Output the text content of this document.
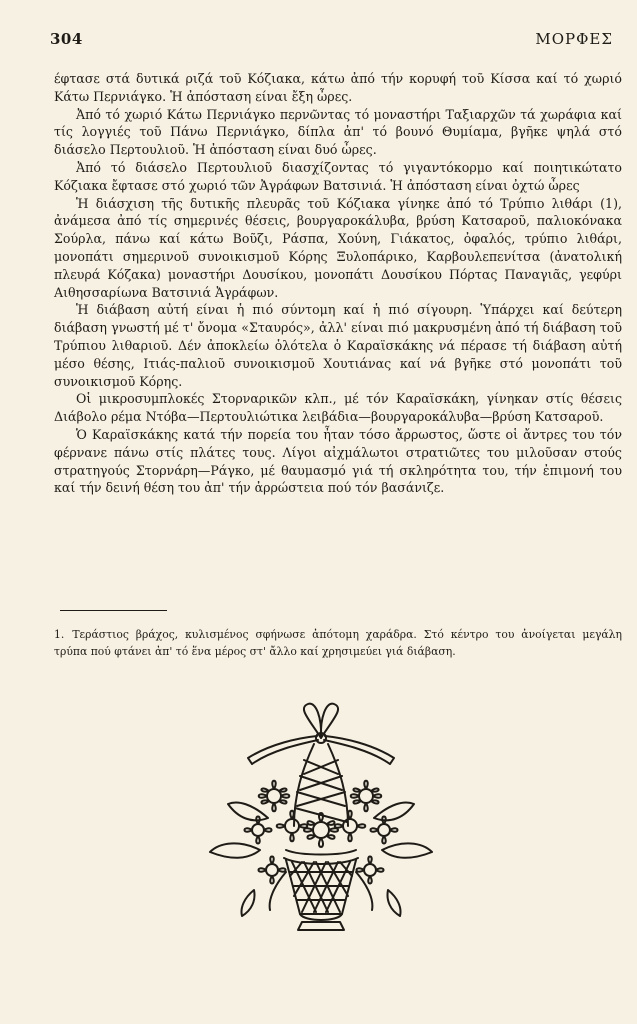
304	ΜΟΡΦΕΣ

έφτασε στά δυτικά ριζά τοῦ Κόζιακα, κάτω ἀπό τήν κορυφή τοῦ Κίσσα καί τό χωριό Κάτω Περνιάγκο. Ἡ ἀπόσταση είναι ἔξη ὦρες.

Ἀπό τό χωριό Κάτω Περνιάγκο περνῶντας τό μοναστήρι Ταξιαρχῶν τά χωράφια καί τίς λογγιές τοῦ Πάνω Περνιάγκο, δίπλα ἀπ' τό βουνό Θυμίαμα, βγῆκε ψηλά στό διάσελο Περτουλιοῦ. Ἡ ἀπόσταση είναι δυό ὦρες.

Ἀπό τό διάσελο Περτουλιοῦ διασχίζοντας τό γιγαντόκορμο καί ποιητικώτατο Κόζιακα ἔφτασε στό χωριό τῶν Ἀγράφων Βατσινιά. Ἡ ἀπόσταση είναι ὀχτώ ὦρες

Ἡ διάσχιση τῆς δυτικῆς πλευρᾶς τοῦ Κόζιακα γίνηκε ἀπό τό Τρύπιο λιθάρι (1), ἀνάμεσα ἀπό τίς σημερινές θέσεις, βουργαροκάλυβα, βρύση Κατσαροῦ, παλιοκόνακα Σούρλα, πάνω καί κάτω Βοῦζι, Ράσπα, Χούνη, Γιάκατος, ὀφαλός, τρύπιο λιθάρι, μονοπάτι σημερινοῦ συνοικισμοῦ Κόρης Ξυλοπάρικο, Καρβουλεπενίτσα (ἀνατολική πλευρά Κόζακα) μοναστήρι Δουσίκου, μονοπάτι Δουσίκου Πόρτας Παναγιᾶς, γεφύρι Αιθησσαρίωνα Βατσινιά Ἀγράφων.

Ἡ διάβαση αὐτή είναι ἡ πιό σύντομη καί ἡ πιό σίγουρη. Ὑπάρχει καί δεύτερη διάβαση γνωστή μέ τ' ὄνομα «Σταυρός», ἀλλ' είναι πιό μακρυσμένη ἀπό τή διάβαση τοῦ Τρύπιου λιθαριοῦ. Δέν ἀποκλείω ὁλότελα ὁ Καραϊσκάκης νά πέρασε τή διάβαση αὐτή μέσο θέσης, Ιτιάς-παλιοῦ συνοικισμοῦ Χουτιάνας καί νά βγῆκε στό μονοπάτι τοῦ συνοικισμοῦ Κόρης.

Οἱ μικροσυμπλοκές Στορναρικῶν κλπ., μέ τόν Καραϊσκάκη, γίνηκαν στίς θέσεις Διάβολο ρέμα Ντόβα—Περτουλιώτικα λειβάδια—βουργαροκάλυβα—βρύση Κατσαροῦ.

Ὁ Καραϊσκάκης κατά τήν πορεία του ἦταν τόσο ἄρρωστος, ὥστε οἱ ἄντρες του τόν φέρνανε πάνω στίς πλάτες τους. Λίγοι αἰχμάλωτοι στρατιῶτες του μιλοῦσαν στούς στρατηγούς Στορνάρη—Ράγκο, μέ θαυμασμό γιά τή σκληρότητα του, τήν ἐπιμονή του καί τήν δεινή θέση του ἀπ' τήν ἀρρώστεια πού τόν βασάνιζε.

1. Τεράστιος βράχος, κυλισμένος σφήνωσε ἀπότομη χαράδρα. Στό κέντρο του ἀνοίγεται μεγάλη τρύπα πού φτάνει ἀπ' τό ἕνα μέρος στ' ἄλλο καί χρησιμεύει γιά διάβαση.
